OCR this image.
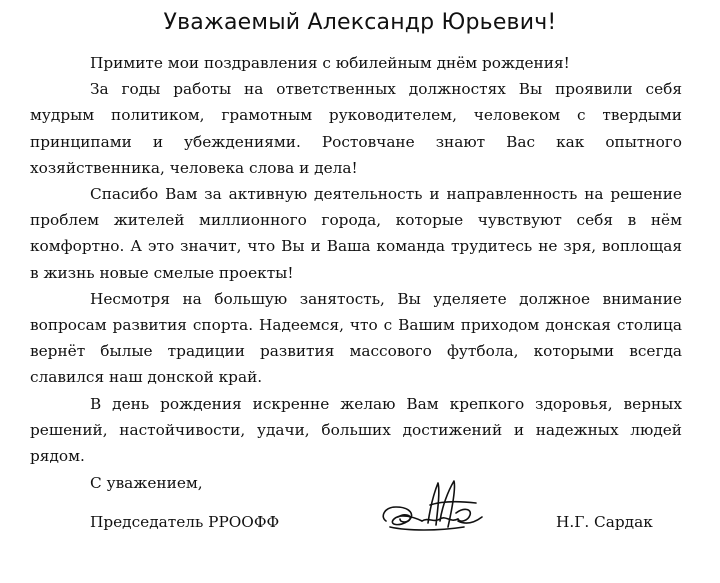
Уважаемый Александр Юрьевич!

Примите мои поздравления с юбилейным днём рождения!

За годы работы на ответственных должностях Вы проявили себя мудрым политиком, грамотным руководителем, человеком с твердыми принципами и убеждениями. Ростовчане знают Вас как опытного хозяйственника, человека слова и дела!

Спасибо Вам за активную деятельность и направленность на решение проблем жителей миллионного города, которые чувствуют себя в нём комфортно. А это значит, что Вы и Ваша команда трудитесь не зря, воплощая в жизнь новые смелые проекты!

Несмотря на большую занятость, Вы уделяете должное внимание вопросам развития спорта. Надеемся, что с Вашим приходом донская столица вернёт былые традиции развития массового футбола, которыми всегда славился наш донской край.

В день рождения искренне желаю Вам крепкого здоровья, верных решений, настойчивости, удачи, больших достижений и надежных людей рядом.

С уважением,
Председатель РРООФФ	Н.Г. Сардак
